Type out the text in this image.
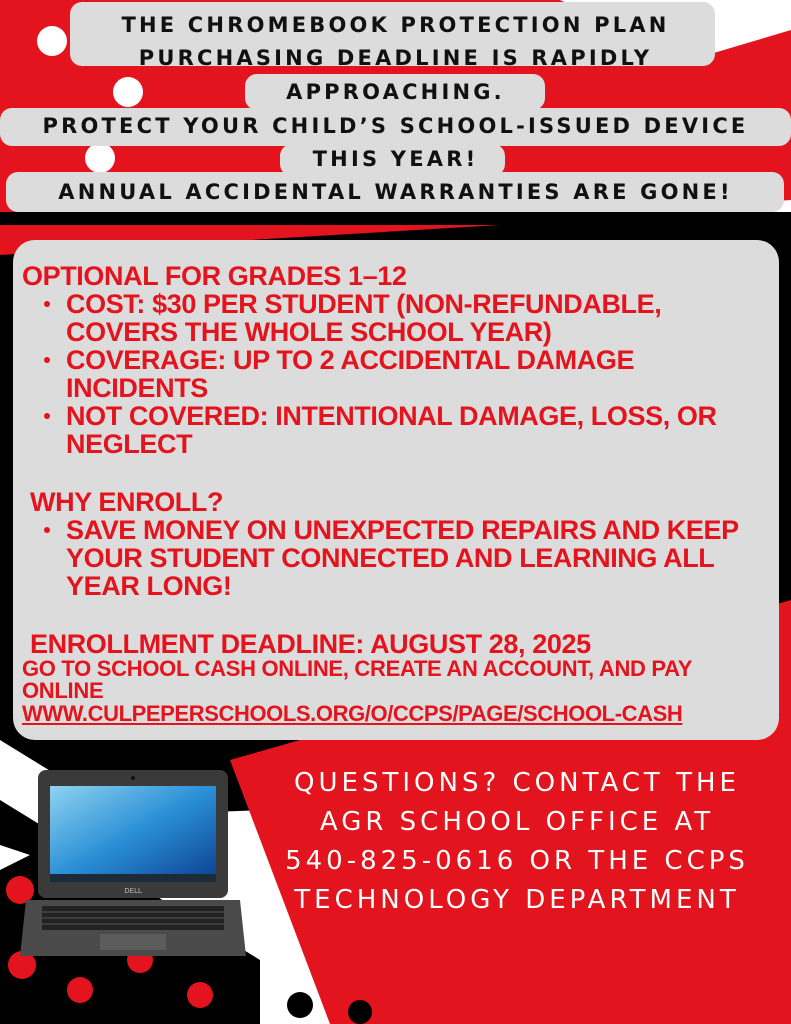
THE CHROMEBOOK PROTECTION PLAN

PURCHASING DEADLINE IS RAPIDLY

APPROACHING.

PROTECT YOUR CHILD’S SCHOOL-ISSUED DEVICE

THIS YEAR!

ANNUAL ACCIDENTAL WARRANTIES ARE GONE!

OPTIONAL FOR GRADES 1–12

COST: $30 PER STUDENT (NON-REFUNDABLE, COVERS THE WHOLE SCHOOL YEAR)
COVERAGE: UP TO 2 ACCIDENTAL DAMAGE INCIDENTS
NOT COVERED: INTENTIONAL DAMAGE, LOSS, OR NEGLECT

WHY ENROLL?

SAVE MONEY ON UNEXPECTED REPAIRS AND KEEP YOUR STUDENT CONNECTED AND LEARNING ALL YEAR LONG!

ENROLLMENT DEADLINE: AUGUST 28, 2025

GO TO SCHOOL CASH ONLINE, CREATE AN ACCOUNT, AND PAY ONLINE

WWW.CULPEPERSCHOOLS.ORG/O/CCPS/PAGE/SCHOOL-CASH

DELL
QUESTIONS? CONTACT THE
AGR SCHOOL OFFICE AT
540-825-0616 OR THE CCPS
TECHNOLOGY DEPARTMENT
